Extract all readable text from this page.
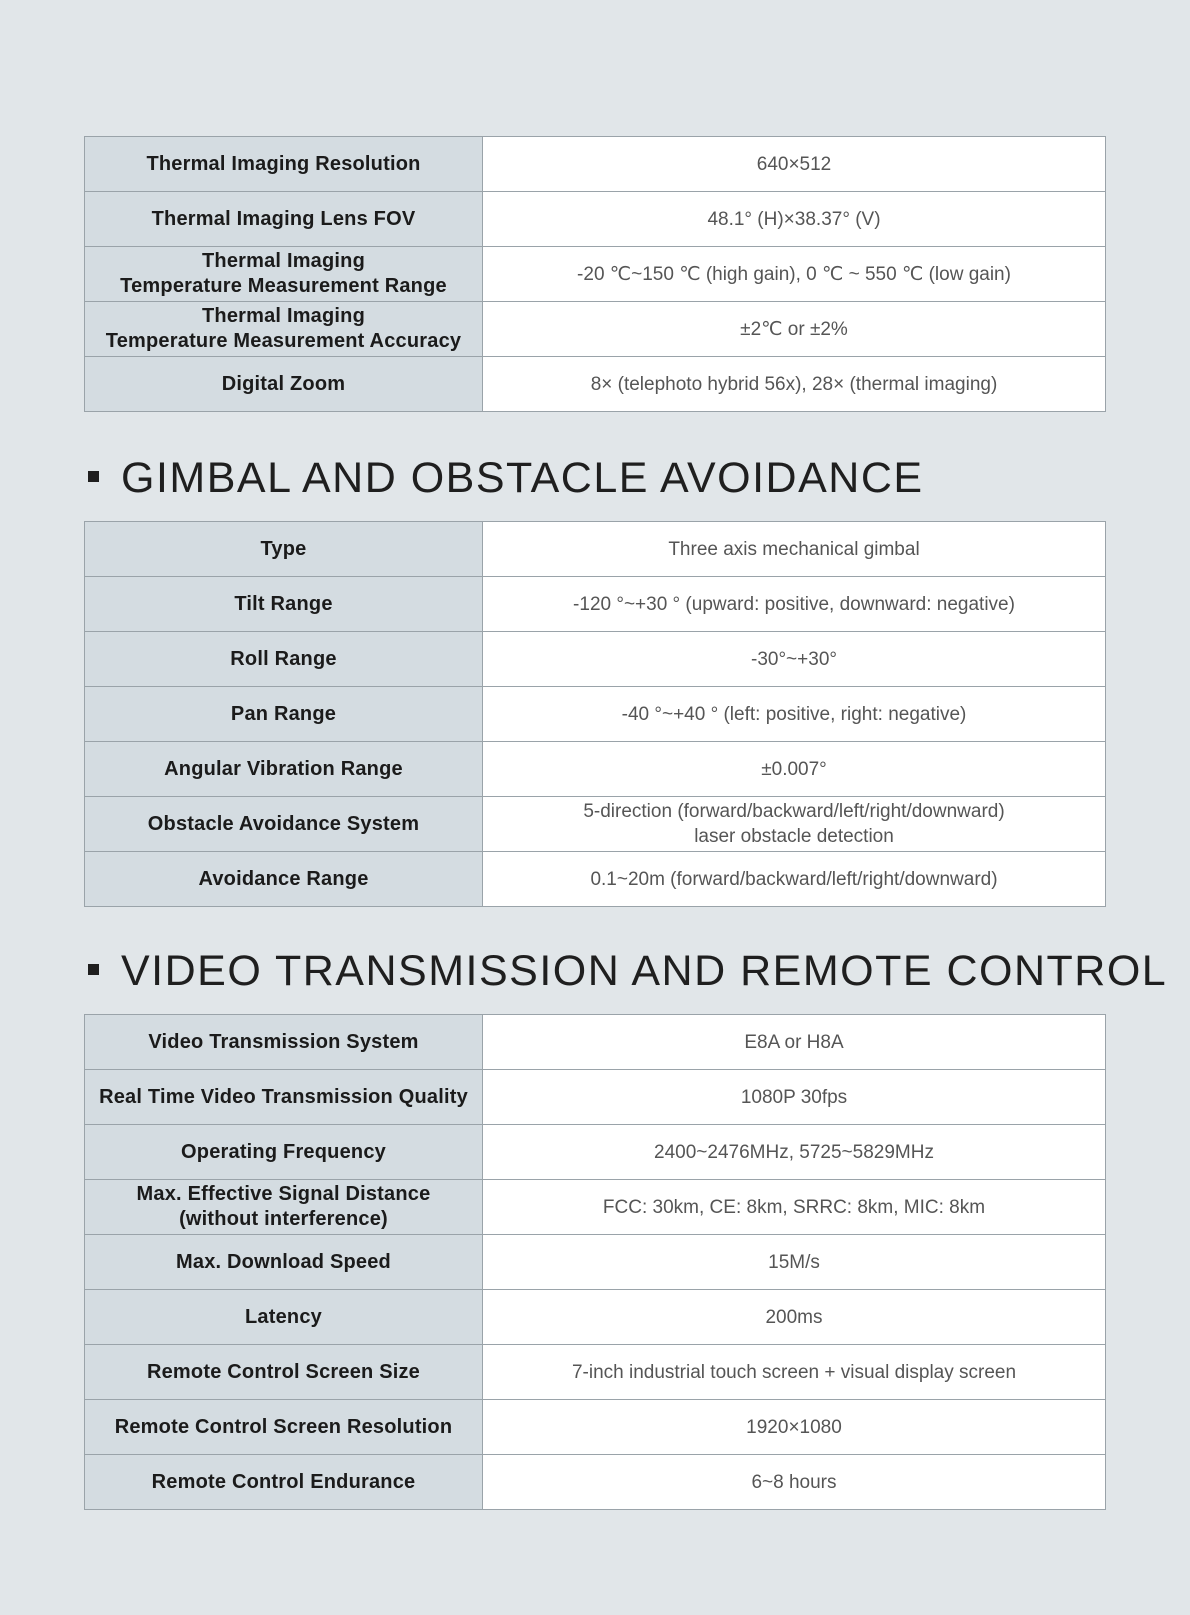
Thermal Imaging Resolution	640×512
Thermal Imaging Lens FOV	48.1° (H)×38.37° (V)
Thermal Imaging
Temperature Measurement Range	-20 ℃~150 ℃ (high gain), 0 ℃ ~ 550 ℃ (low gain)
Thermal Imaging
Temperature Measurement Accuracy	±2℃ or ±2%
Digital Zoom	8× (telephoto hybrid 56x), 28× (thermal imaging)
GIMBAL AND OBSTACLE AVOIDANCE
Type	Three axis mechanical gimbal
Tilt Range	-120 °~+30 ° (upward: positive, downward: negative)
Roll Range	-30°~+30°
Pan Range	-40 °~+40 ° (left: positive, right: negative)
Angular Vibration Range	±0.007°
Obstacle Avoidance System	5-direction (forward/backward/left/right/downward)
laser obstacle detection
Avoidance Range	0.1~20m (forward/backward/left/right/downward)
VIDEO TRANSMISSION AND REMOTE CONTROL
Video Transmission System	E8A or H8A
Real Time Video Transmission Quality	1080P 30fps
Operating Frequency	2400~2476MHz, 5725~5829MHz
Max. Effective Signal Distance
(without interference)	FCC: 30km, CE: 8km, SRRC: 8km, MIC: 8km
Max. Download Speed	15M/s
Latency	200ms
Remote Control Screen Size	7-inch industrial touch screen + visual display screen
Remote Control Screen Resolution	1920×1080
Remote Control Endurance	6~8 hours
